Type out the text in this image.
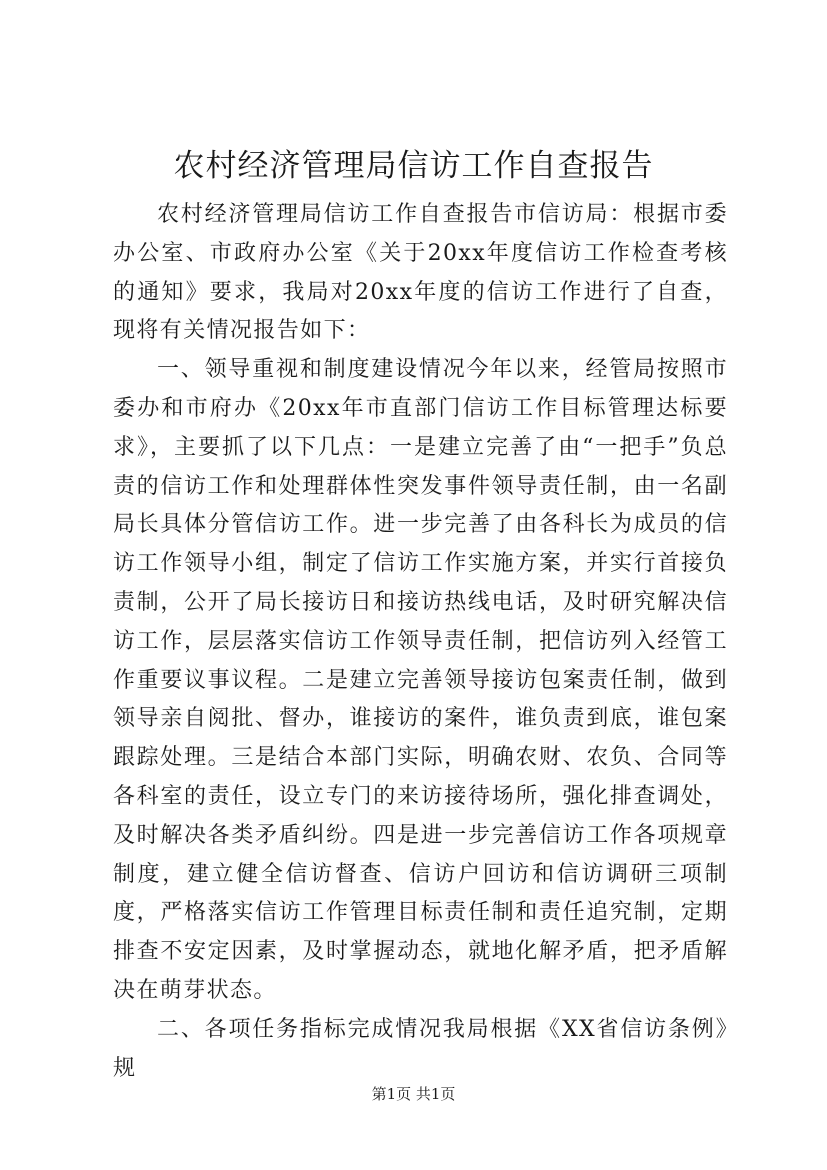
农村经济管理局信访工作自查报告

农村经济管理局信访工作自查报告市信访局：根据市委办公室、市政府办公室《关于20xx年度信访工作检查考核的通知》要求，我局对20xx年度的信访工作进行了自查，现将有关情况报告如下：

一、领导重视和制度建设情况今年以来，经管局按照市委办和市府办《20xx年市直部门信访工作目标管理达标要求》，主要抓了以下几点：一是建立完善了由“一把手”负总责的信访工作和处理群体性突发事件领导责任制，由一名副局长具体分管信访工作。进一步完善了由各科长为成员的信访工作领导小组，制定了信访工作实施方案，并实行首接负责制，公开了局长接访日和接访热线电话，及时研究解决信访工作，层层落实信访工作领导责任制，把信访列入经管工作重要议事议程。二是建立完善领导接访包案责任制，做到领导亲自阅批、督办，谁接访的案件，谁负责到底，谁包案跟踪处理。三是结合本部门实际，明确农财、农负、合同等各科室的责任，设立专门的来访接待场所，强化排查调处，及时解决各类矛盾纠纷。四是进一步完善信访工作各项规章制度，建立健全信访督查、信访户回访和信访调研三项制度，严格落实信访工作管理目标责任制和责任追究制，定期排查不安定因素，及时掌握动态，就地化解矛盾，把矛盾解决在萌芽状态。

二、各项任务指标完成情况我局根据《XX省信访条例》规

第1页 共1页
